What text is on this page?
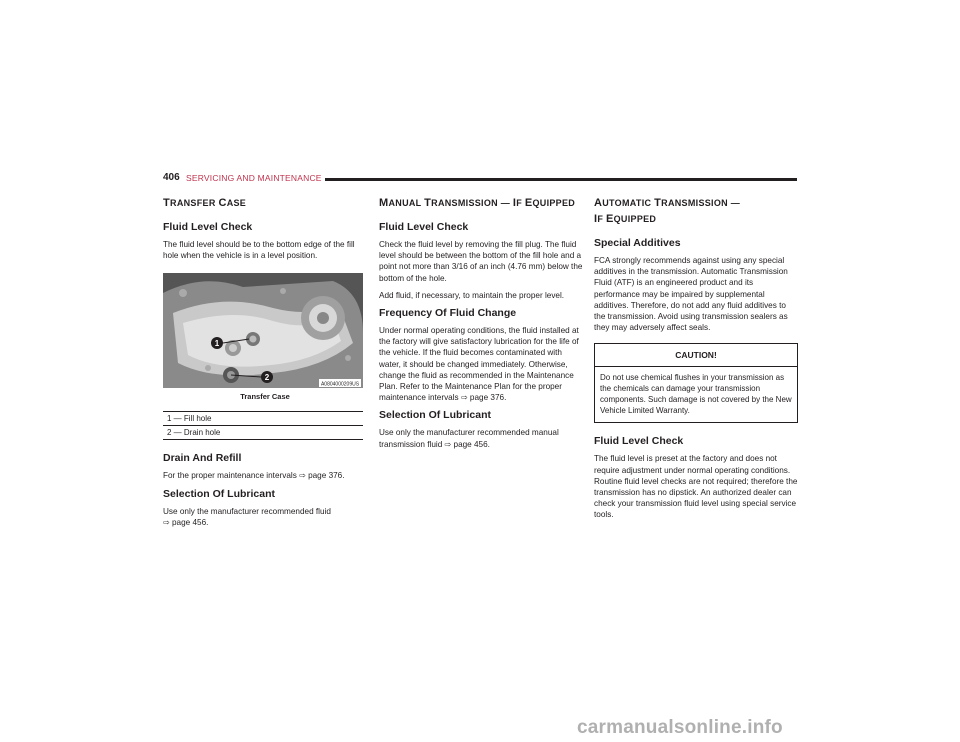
406 SERVICING AND MAINTENANCE
TRANSFER CASE
Fluid Level Check

The fluid level should be to the bottom edge of the fill hole when the vehicle is in a level position.

1
2
A0804000209US
Transfer Case
1 — Fill hole
2 — Drain hole
Drain And Refill

For the proper maintenance intervals ⇨ page 376.

Selection Of Lubricant

Use only the manufacturer recommended fluid
⇨ page 456.

MANUAL TRANSMISSION — IF EQUIPPED
Fluid Level Check

Check the fluid level by removing the fill plug. The fluid level should be between the bottom of the fill hole and a point not more than 3/16 of an inch (4.76 mm) below the bottom of the hole.

Add fluid, if necessary, to maintain the proper level.

Frequency Of Fluid Change

Under normal operating conditions, the fluid installed at the factory will give satisfactory lubrication for the life of the vehicle. If the fluid becomes contaminated with water, it should be changed immediately. Otherwise, change the fluid as recommended in the Maintenance Plan. Refer to the Maintenance Plan for the proper maintenance intervals ⇨ page 376.

Selection Of Lubricant

Use only the manufacturer recommended manual transmission fluid ⇨ page 456.

AUTOMATIC TRANSMISSION —
IF EQUIPPED
Special Additives

FCA strongly recommends against using any special additives in the transmission. Automatic Transmission Fluid (ATF) is an engineered product and its performance may be impaired by supplemental additives. Therefore, do not add any fluid additives to the transmission. Avoid using transmission sealers as they may adversely affect seals.

CAUTION!
Do not use chemical flushes in your transmission as the chemicals can damage your transmission components. Such damage is not covered by the New Vehicle Limited Warranty.
Fluid Level Check

The fluid level is preset at the factory and does not require adjustment under normal operating conditions. Routine fluid level checks are not required; therefore the transmission has no dipstick. An authorized dealer can check your transmission fluid level using special service tools.

carmanualsonline.info
